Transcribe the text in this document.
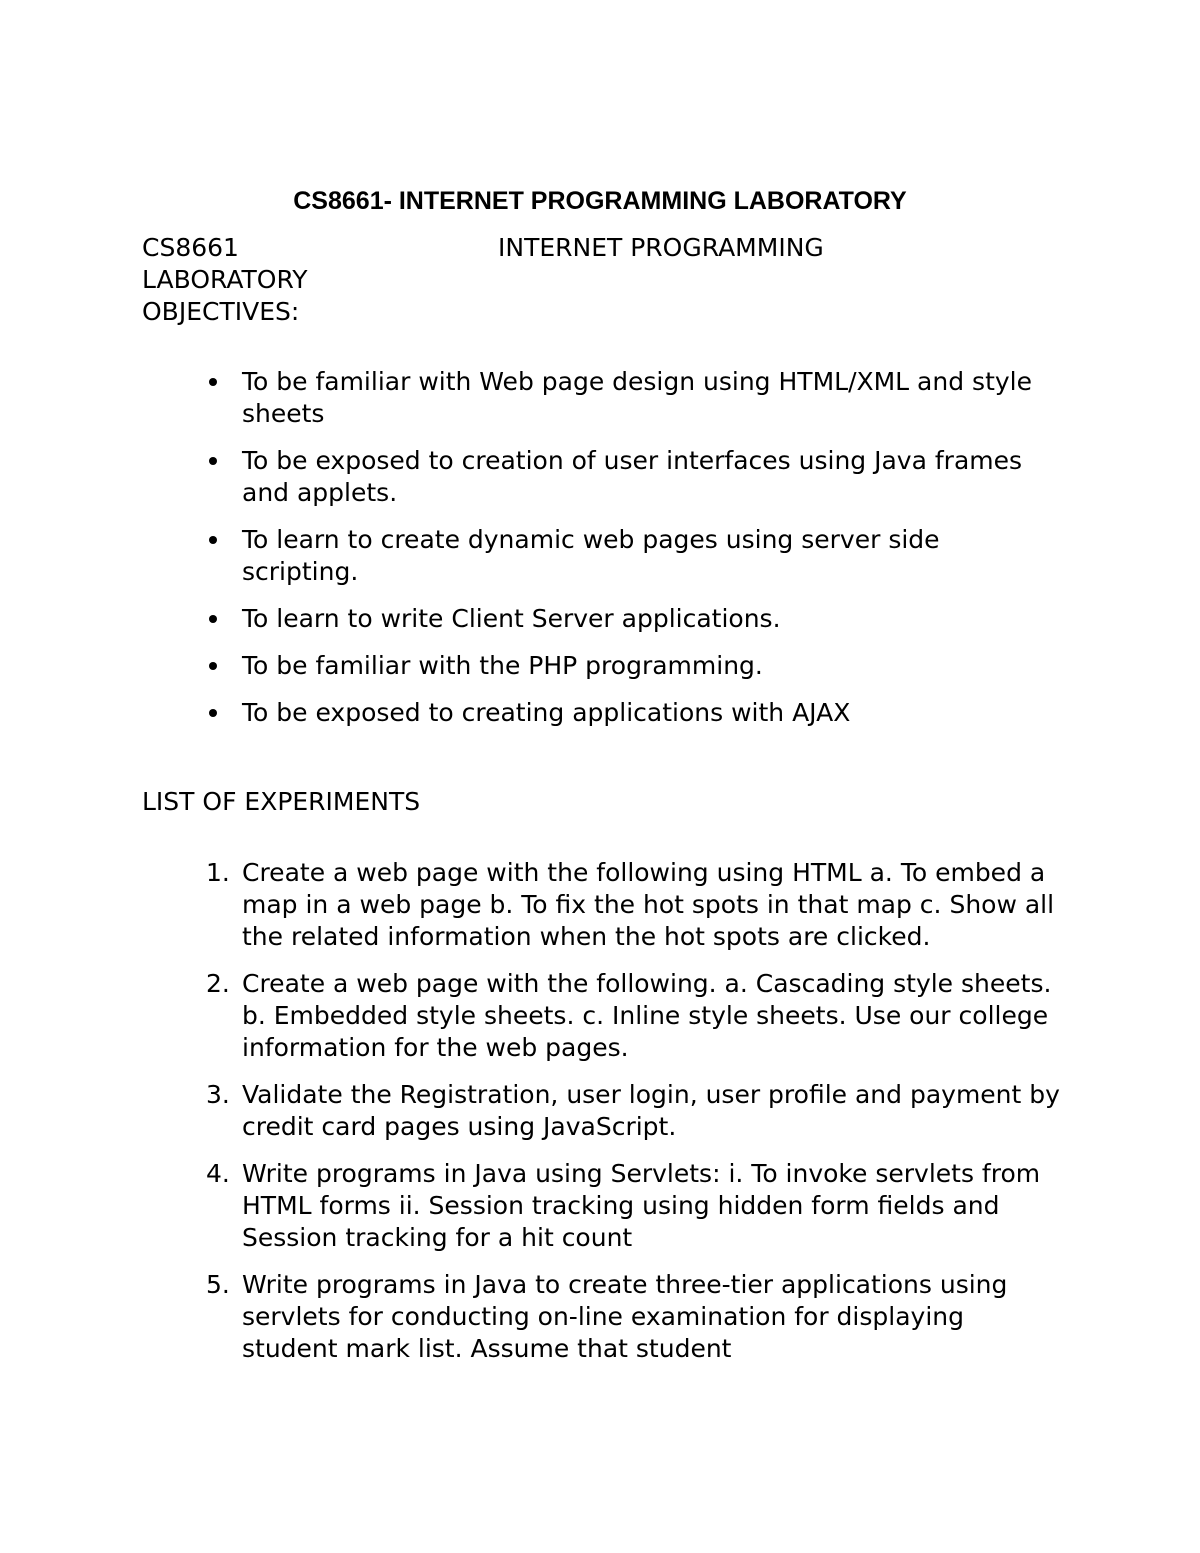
CS8661- INTERNET PROGRAMMING LABORATORY
CS8661	INTERNET PROGRAMMING
LABORATORY
OBJECTIVES:
To be familiar with Web page design using HTML/XML and style sheets
To be exposed to creation of user interfaces using Java frames and applets.
To learn to create dynamic web pages using server side scripting.
To learn to write Client Server applications.
To be familiar with the PHP programming.
To be exposed to creating applications with AJAX
LIST OF EXPERIMENTS
1. Create a web page with the following using HTML a. To embed a map in a web page b. To fix the hot spots in that map c. Show all the related information when the hot spots are clicked.
2. Create a web page with the following. a. Cascading style sheets. b. Embedded style sheets. c. Inline style sheets. Use our college information for the web pages.
3. Validate the Registration, user login, user profile and payment by credit card pages using JavaScript.
4. Write programs in Java using Servlets: i. To invoke servlets from HTML forms ii. Session tracking using hidden form fields and Session tracking for a hit count
5. Write programs in Java to create three-tier applications using servlets for conducting on-line examination for displaying student mark list. Assume that student
